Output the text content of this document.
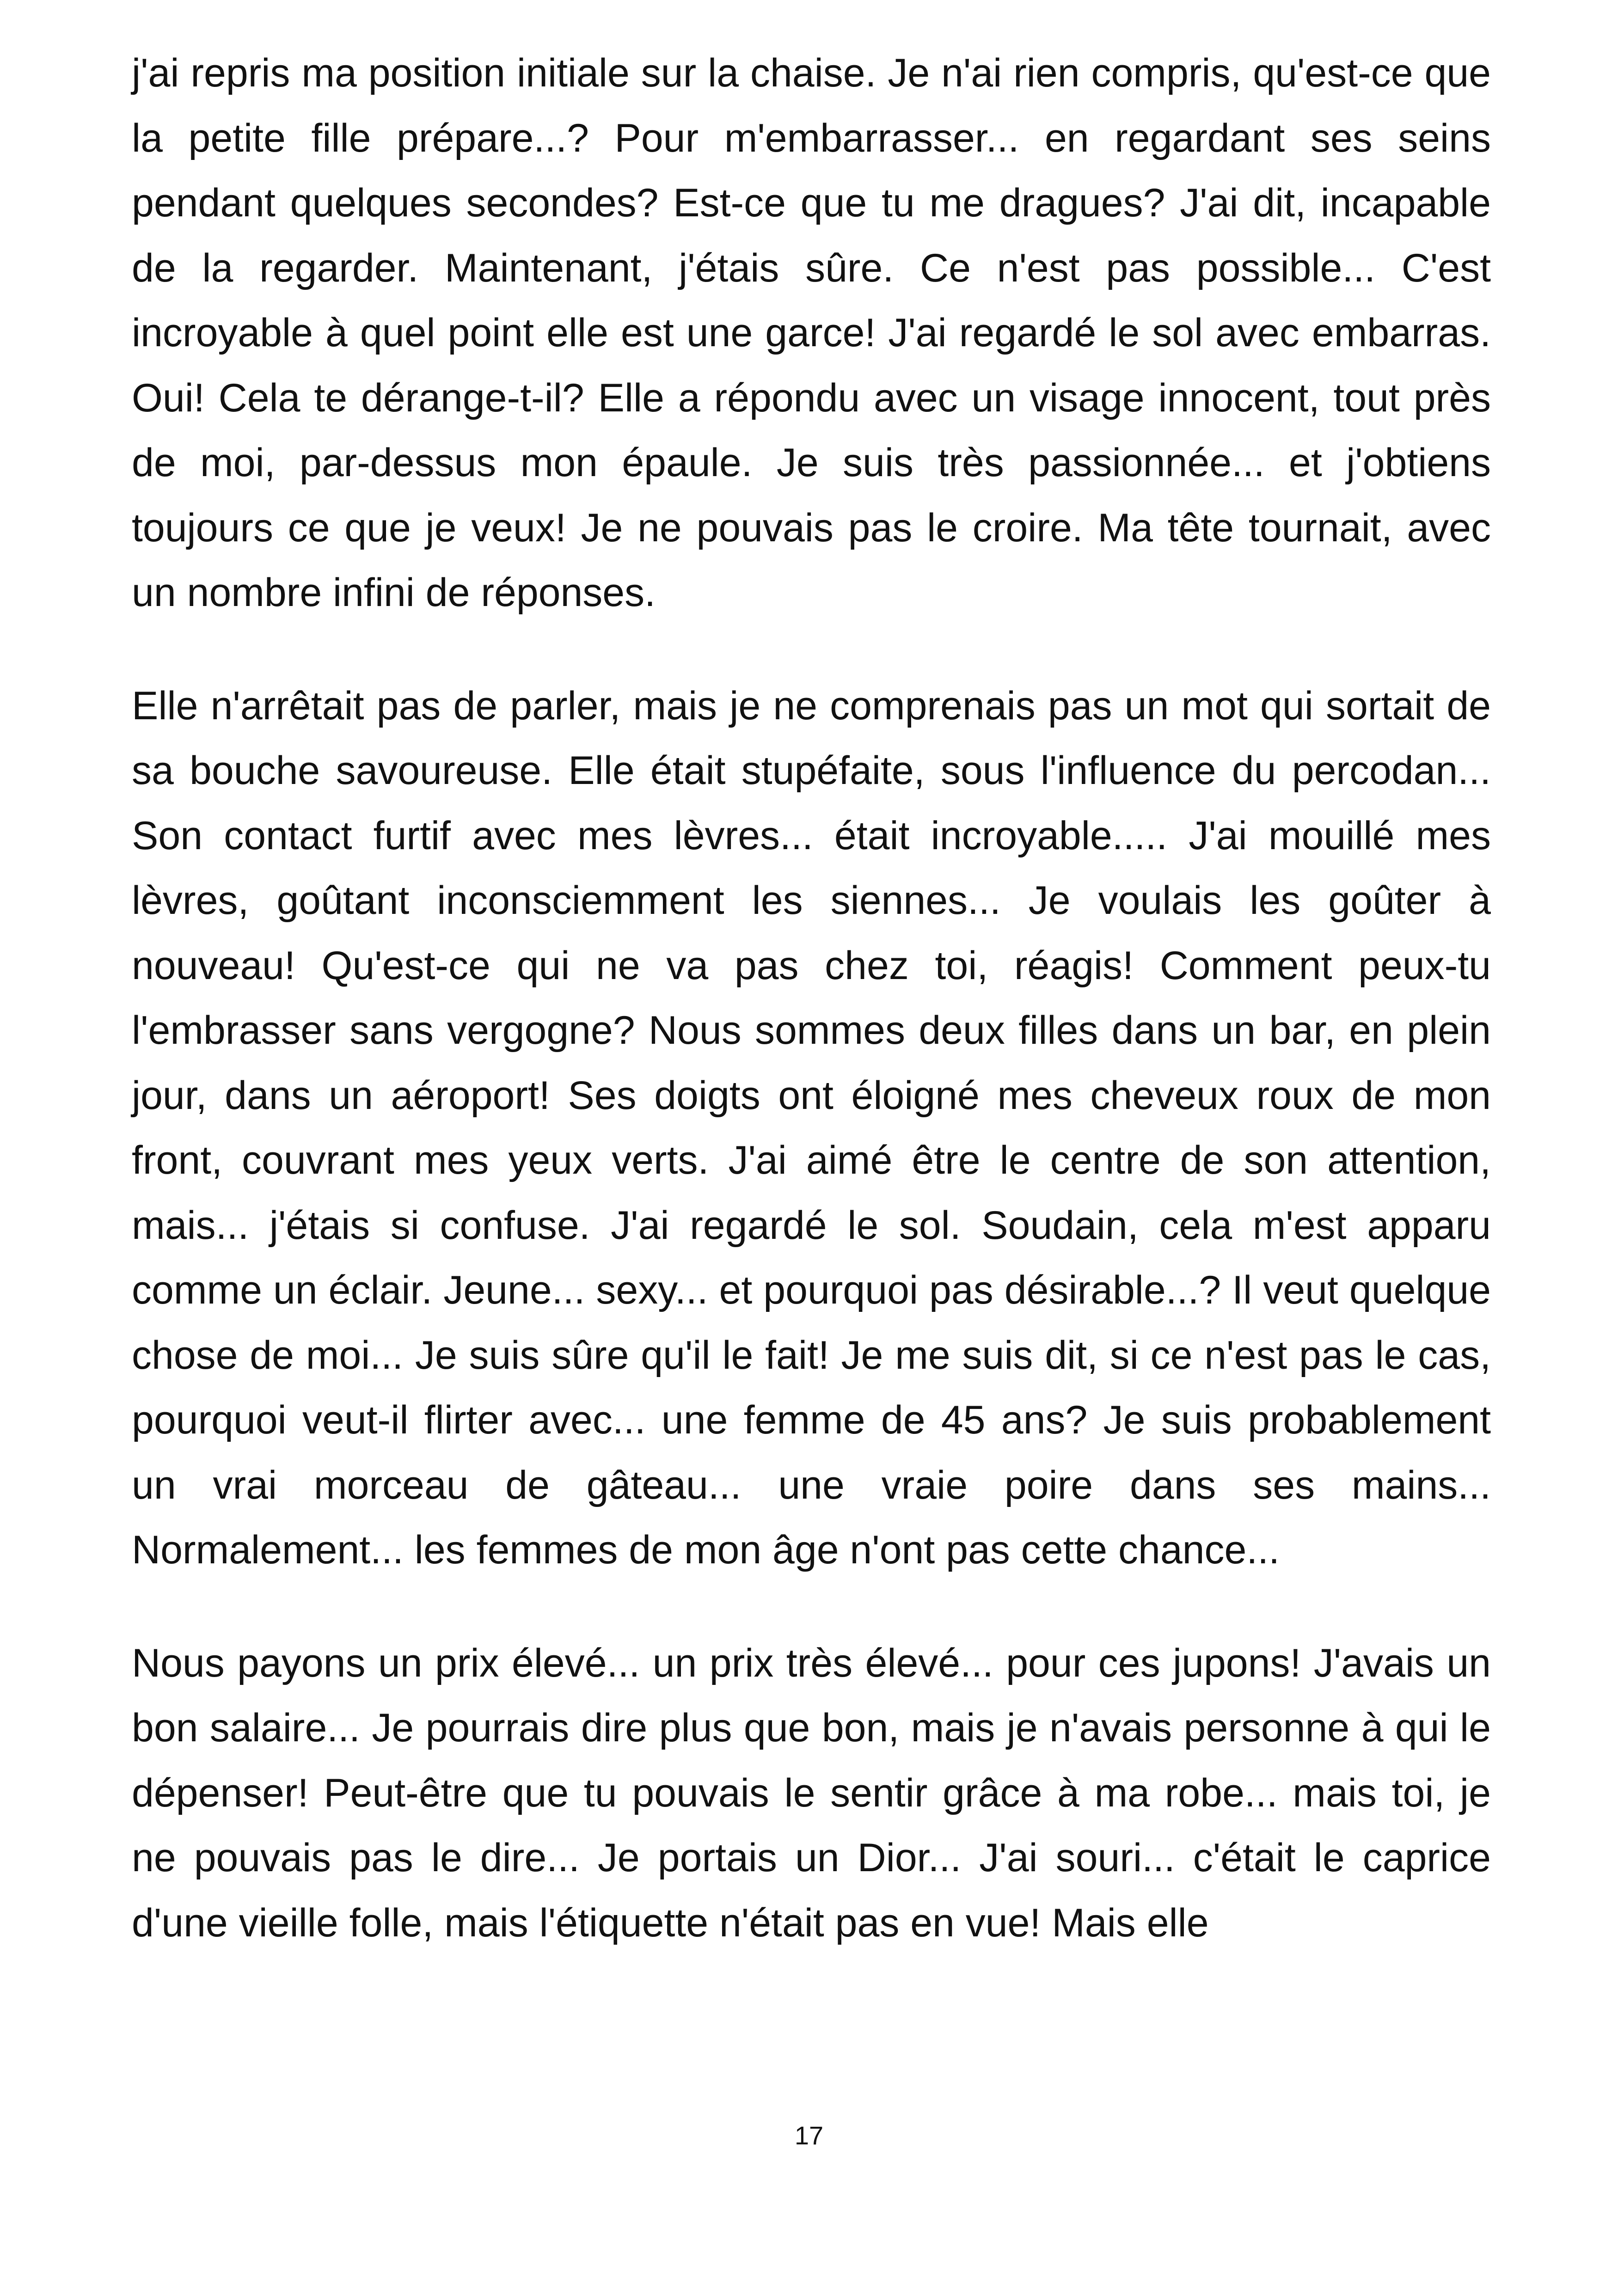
j'ai repris ma position initiale sur la chaise. Je n'ai rien compris, qu'est-ce que la petite fille prépare...? Pour m'embarrasser... en regardant ses seins pendant quelques secondes? Est-ce que tu me dragues? J'ai dit, incapable de la regarder. Maintenant, j'étais sûre. Ce n'est pas possible... C'est incroyable à quel point elle est une garce! J'ai regardé le sol avec embarras. Oui! Cela te dérange-t-il? Elle a répondu avec un visage innocent, tout près de moi, par-dessus mon épaule. Je suis très passionnée... et j'obtiens toujours ce que je veux! Je ne pouvais pas le croire. Ma tête tournait, avec un nombre infini de réponses.

Elle n'arrêtait pas de parler, mais je ne comprenais pas un mot qui sortait de sa bouche savoureuse. Elle était stupéfaite, sous l'influence du percodan... Son contact furtif avec mes lèvres... était incroyable..... J'ai mouillé mes lèvres, goûtant inconsciemment les siennes... Je voulais les goûter à nouveau! Qu'est-ce qui ne va pas chez toi, réagis! Comment peux-tu l'embrasser sans vergogne? Nous sommes deux filles dans un bar, en plein jour, dans un aéroport! Ses doigts ont éloigné mes cheveux roux de mon front, couvrant mes yeux verts. J'ai aimé être le centre de son attention, mais... j'étais si confuse. J'ai regardé le sol. Soudain, cela m'est apparu comme un éclair. Jeune... sexy... et pourquoi pas désirable...? Il veut quelque chose de moi... Je suis sûre qu'il le fait! Je me suis dit, si ce n'est pas le cas, pourquoi veut-il flirter avec... une femme de 45 ans? Je suis probablement un vrai morceau de gâteau... une vraie poire dans ses mains... Normalement... les femmes de mon âge n'ont pas cette chance...

Nous payons un prix élevé... un prix très élevé... pour ces jupons! J'avais un bon salaire... Je pourrais dire plus que bon, mais je n'avais personne à qui le dépenser! Peut-être que tu pouvais le sentir grâce à ma robe... mais toi, je ne pouvais pas le dire... Je portais un Dior... J'ai souri... c'était le caprice d'une vieille folle, mais l'étiquette n'était pas en vue! Mais elle

17
